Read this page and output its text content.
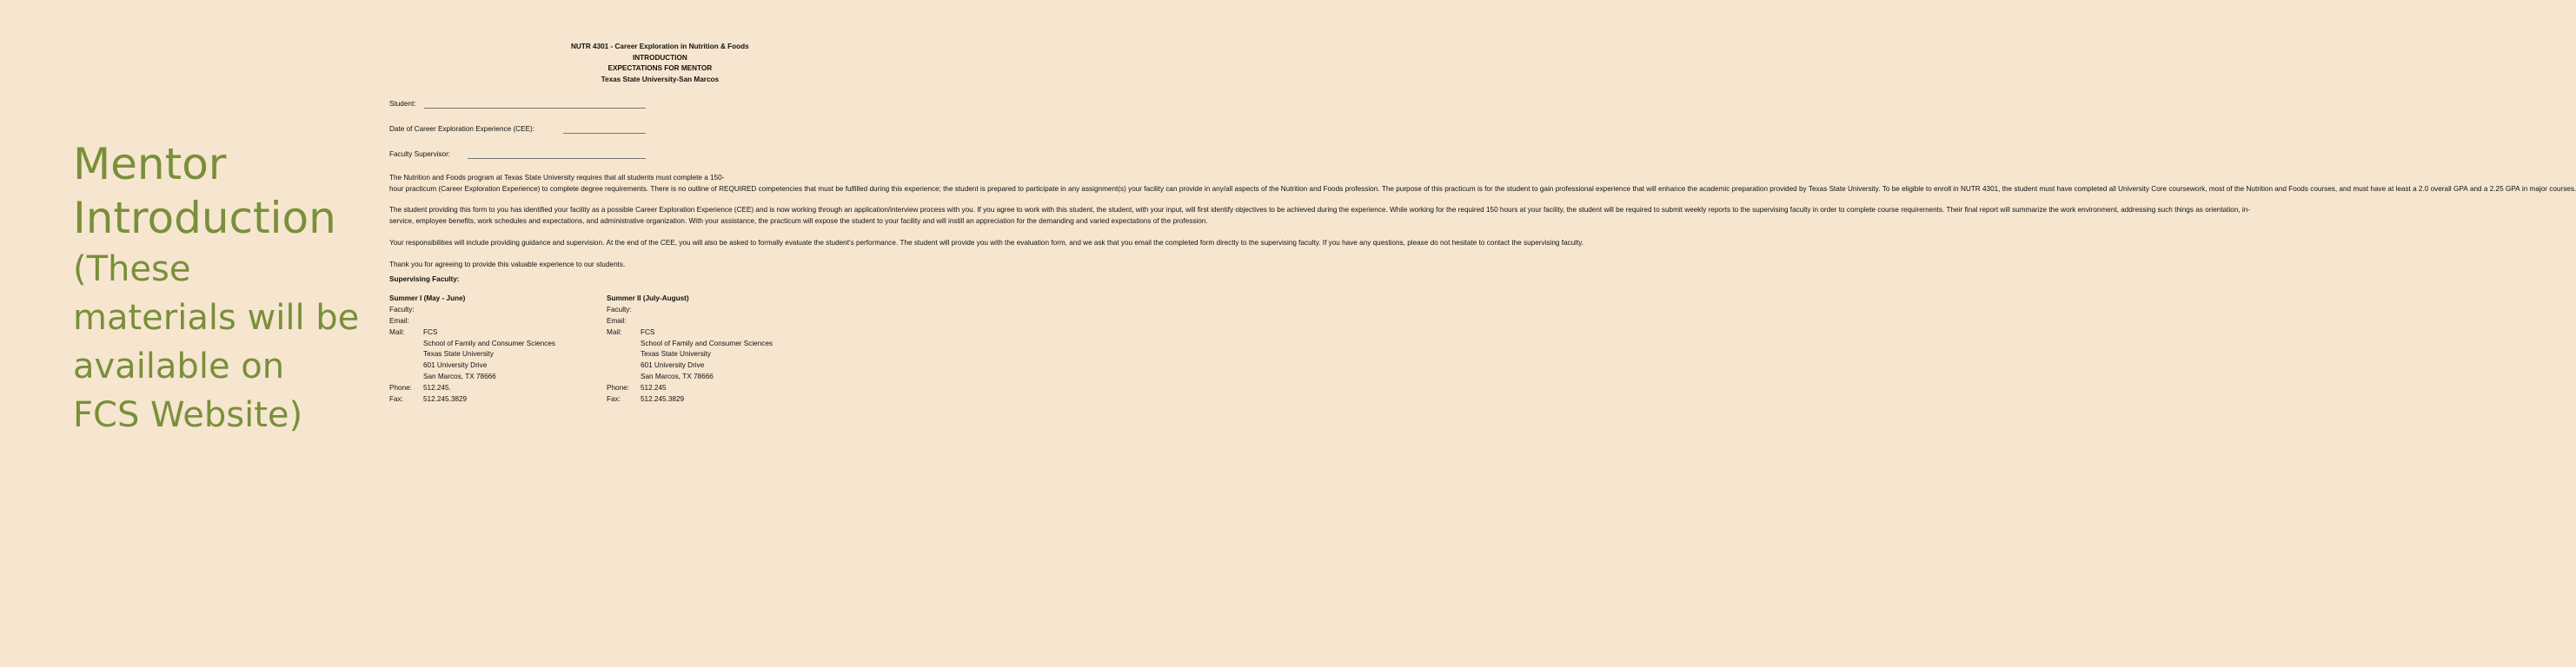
Mentor
Introduction
(These materials will be available on FCS Website)
NUTR 4301 - Career Exploration in Nutrition & Foods
INTRODUCTION
EXPECTATIONS FOR MENTOR
Texas State University-San Marcos
Student:
Date of Career Exploration Experience (CEE):
Faculty Supervisor:

The Nutrition and Foods program at Texas State University requires that all students must complete a 150-hour practicum (Career Exploration Experience) to complete degree requirements. There is no outline of REQUIRED competencies that must be fulfilled during this experience; the student is prepared to participate in any assignment(s) your facility can provide in any/all aspects of the Nutrition and Foods profession. The purpose of this practicum is for the student to gain professional experience that will enhance the academic preparation provided by Texas State University. To be eligible to enroll in NUTR 4301, the student must have completed all University Core coursework, most of the Nutrition and Foods courses, and must have at least a 2.0 overall GPA and a 2.25 GPA in major courses.

The student providing this form to you has identified your facility as a possible Career Exploration Experience (CEE) and is now working through an application/interview process with you. If you agree to work with this student, the student, with your input, will first identify objectives to be achieved during the experience. While working for the required 150 hours at your facility, the student will be required to submit weekly reports to the supervising faculty in order to complete course requirements. Their final report will summarize the work environment, addressing such things as orientation, in-service, employee benefits, work schedules and expectations, and administrative organization. With your assistance, the practicum will expose the student to your facility and will instill an appreciation for the demanding and varied expectations of the profession.

Your responsibilities will include providing guidance and supervision. At the end of the CEE, you will also be asked to formally evaluate the student's performance. The student will provide you with the evaluation form, and we ask that you email the completed form directly to the supervising faculty. If you have any questions, please do not hesitate to contact the supervising faculty.

Thank you for agreeing to provide this valuable experience to our students.

Supervising Faculty:

Summer I (May - June)
Faculty:
Email:
Mail:	FCS
School of Family and Consumer Sciences
Texas State University
601 University Drive
San Marcos, TX 78666
Phone:	512.245.
Fax:	512.245.3829
Summer II (July-August)
Faculty:
Email:
Mail:	FCS
School of Family and Consumer Sciences
Texas State University
601 University Drive
San Marcos, TX 78666
Phone:	512.245
Fax:	512.245.3829
